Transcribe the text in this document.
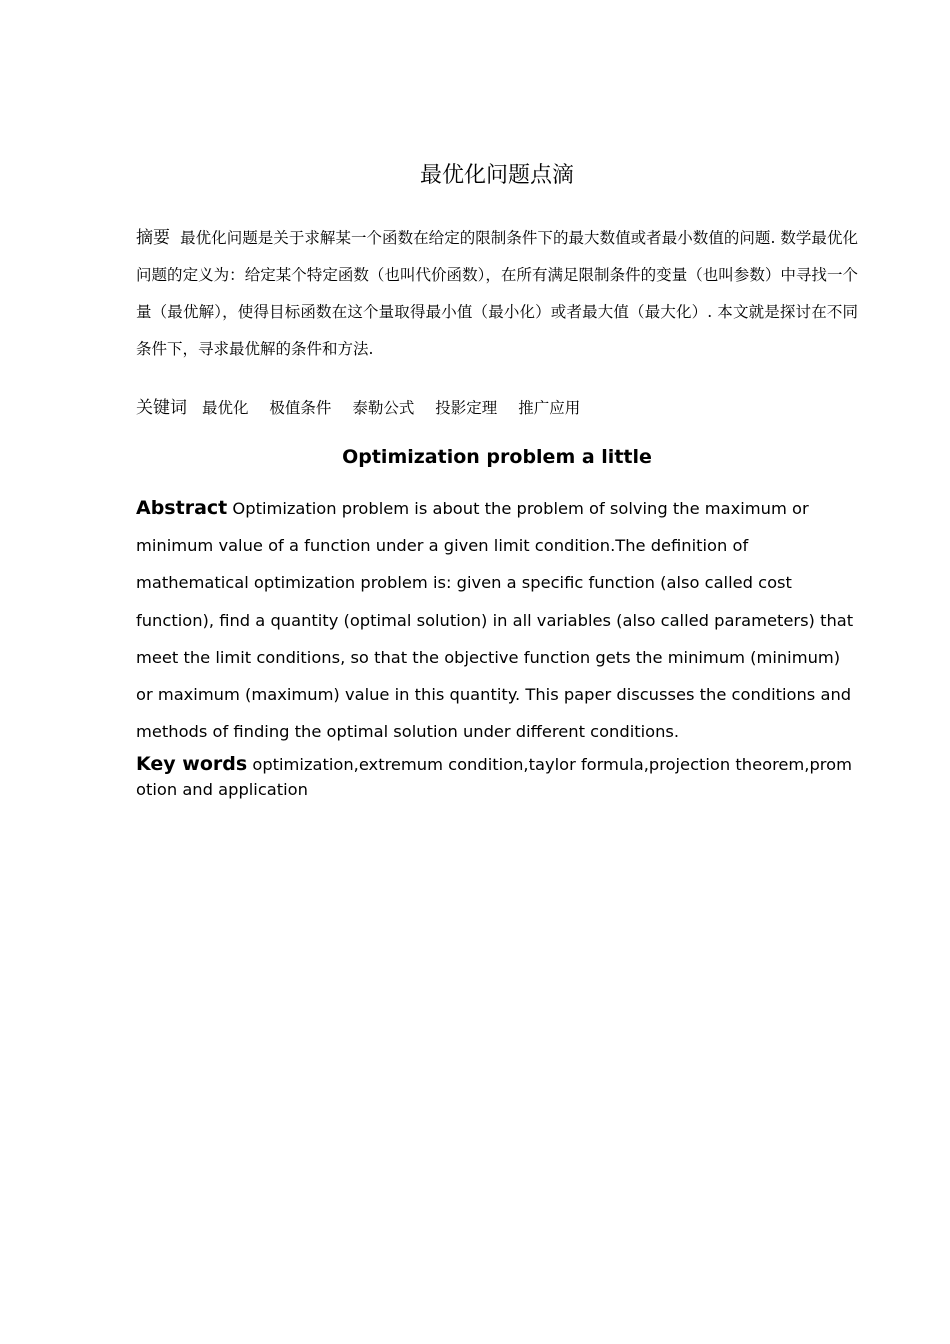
最优化问题点滴
摘要 最优化问题是关于求解某一个函数在给定的限制条件下的最大数值或者最小数值的问题. 数学最优化问题的定义为：给定某个特定函数（也叫代价函数），在所有满足限制条件的变量（也叫参数）中寻找一个量（最优解），使得目标函数在这个量取得最小值（最小化）或者最大值（最大化）. 本文就是探讨在不同条件下，寻求最优解的条件和方法.
关键词 最优化 极值条件 泰勒公式 投影定理 推广应用
Optimization problem a little
Abstract Optimization problem is about the problem of solving the maximum or minimum value of a function under a given limit condition.The definition of mathematical optimization problem is: given a specific function (also called cost function), find a quantity (optimal solution) in all variables (also called parameters) that meet the limit conditions, so that the objective function gets the minimum (minimum) or maximum (maximum) value in this quantity. This paper discusses the conditions and methods of finding the optimal solution under different conditions.
Key words optimization,extremum condition,taylor formula,projection theorem,promotion and application
